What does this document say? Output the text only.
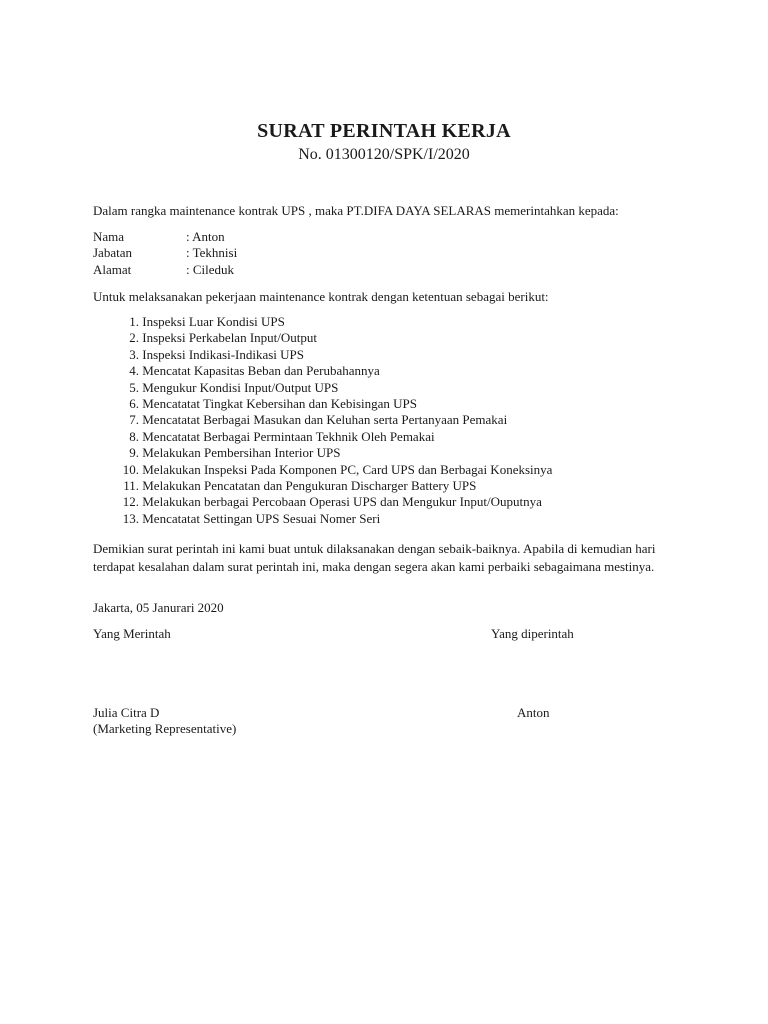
SURAT PERINTAH KERJA
No. 01300120/SPK/I/2020
Dalam rangka maintenance kontrak UPS , maka PT.DIFA DAYA SELARAS memerintahkan kepada:
Nama	: Anton
Jabatan	: Tekhnisi
Alamat	: Cileduk
Untuk melaksanakan pekerjaan maintenance kontrak dengan ketentuan sebagai berikut:
1. Inspeksi Luar Kondisi UPS
2. Inspeksi Perkabelan Input/Output
3. Inspeksi Indikasi-Indikasi UPS
4. Mencatat Kapasitas Beban dan Perubahannya
5. Mengukur Kondisi Input/Output UPS
6. Mencatatat Tingkat Kebersihan dan Kebisingan UPS
7. Mencatatat Berbagai Masukan dan Keluhan serta Pertanyaan Pemakai
8. Mencatatat Berbagai Permintaan Tekhnik Oleh Pemakai
9. Melakukan Pembersihan Interior UPS
10. Melakukan Inspeksi Pada Komponen PC, Card UPS dan Berbagai Koneksinya
11. Melakukan Pencatatan dan Pengukuran Discharger Battery UPS
12. Melakukan berbagai Percobaan Operasi UPS dan Mengukur Input/Ouputnya
13. Mencatatat Settingan UPS Sesuai Nomer Seri
Demikian surat perintah ini kami buat untuk dilaksanakan dengan sebaik-baiknya. Apabila di kemudian hari terdapat kesalahan dalam surat perintah ini, maka dengan segera akan kami perbaiki sebagaimana mestinya.
Jakarta, 05 Janurari 2020
Yang Merintah	Yang diperintah
Julia Citra D
(Marketing Representative)
Anton
